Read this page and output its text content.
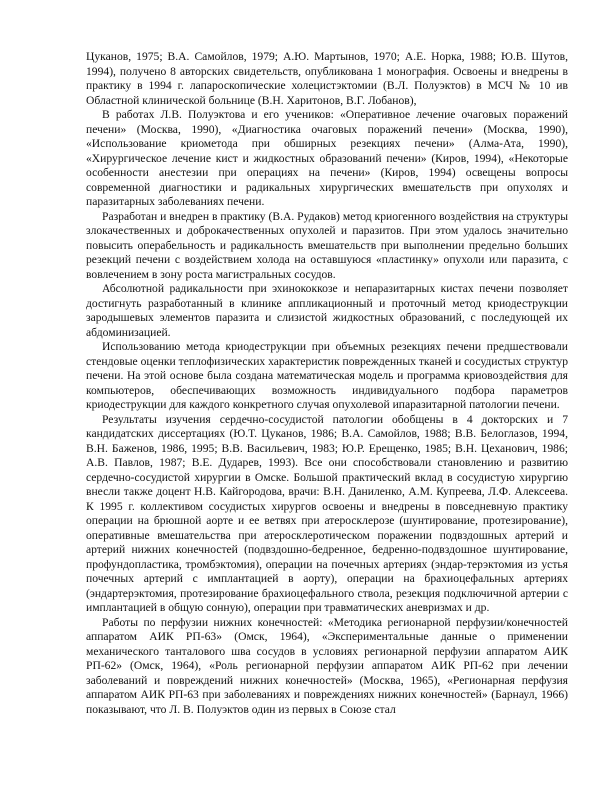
Цуканов, 1975; В.А. Самойлов, 1979; А.Ю. Мартынов, 1970; А.Е. Норка, 1988; Ю.В. Шутов, 1994), получено 8 авторских свидетельств, опубликована 1 монография. Освоены и внедрены в практику в 1994 г. лапароскопические холецистэктомии (В.Л. Полуэктов) в МСЧ № 10 ив Областной клинической больнице (В.Н. Харитонов, В.Г. Лобанов),

В работах Л.В. Полуэктова и его учеников: «Оперативное лечение очаговых поражений печени» (Москва, 1990), «Диагностика очаговых поражений печени» (Москва, 1990), «Использование криометода при обширных резекциях печени» (Алма-Ата, 1990), «Хирургическое лечение кист и жидкостных образований печени» (Киров, 1994), «Некоторые особенности анестезии при операциях на печени» (Киров, 1994) освещены вопросы современной диагностики и радикальных хирургических вмешательств при опухолях и паразитарных заболеваниях печени.

Разработан и внедрен в практику (В.А. Рудаков) метод криогенного воздействия на структуры злокачественных и доброкачественных опухолей и паразитов. При этом удалось значительно повысить операбельность и радикальность вмешательств при выполнении предельно больших резекций печени с воздействием холода на оставшуюся «пластинку» опухоли или паразита, с вовлечением в зону роста магистральных сосудов.

Абсолютной радикальности при эхинококкозе и непаразитарных кистах печени позволяет достигнуть разработанный в клинике аппликационный и проточный метод криодеструкции зародышевых элементов паразита и слизистой жидкостных образований, с последующей их абдоминизацией.

Использованию метода криодеструкции при объемных резекциях печени предшествовали стендовые оценки теплофизических характеристик поврежденных тканей и сосудистых структур печени. На этой основе была создана математическая модель и программа криовоздействия для компьютеров, обеспечивающих возможность индивидуального подбора параметров криодеструкции для каждого конкретного случая опухолевой ипаразитарной патологии печени.

Результаты изучения сердечно-сосудистой патологии обобщены в 4 докторских и 7 кандидатских диссертациях (Ю.Т. Цуканов, 1986; В.А. Самойлов, 1988; В.В. Белоглазов, 1994, В.Н. Баженов, 1986, 1995; В.В. Васильевич, 1983; Ю.Р. Ерещенко, 1985; В.Н. Цеханович, 1986; А.В. Павлов, 1987; В.Е. Дударев, 1993). Все они способствовали становлению и развитию сердечно-сосудистой хирургии в Омске. Большой практический вклад в сосудистую хирургию внесли также доцент Н.В. Кайгородова, врачи: В.Н. Даниленко, А.М. Купреева, Л.Ф. Алексеева. К 1995 г. коллективом сосудистых хирургов освоены и внедрены в повседневную практику операции на брюшной аорте и ее ветвях при атеросклерозе (шунтирование, протезирование), оперативные вмешательства при атеросклеротическом поражении подвздошных артерий и артерий нижних конечностей (подвздошно-бедренное, бедренно-подвздошное шунтирование, профундопластика, тромбэктомия), операции на почечных артериях (эндар-терэктомия из устья почечных артерий с имплантацией в аорту), операции на брахиоцефальных артериях (эндартерэктомия, протезирование брахиоцефального ствола, резекция подключичной артерии с имплантацией в общую сонную), операции при травматических аневризмах и др.

Работы по перфузии нижних конечностей: «Методика регионарной перфузии/конечностей аппаратом АИК РП-63» (Омск, 1964), «Экспериментальные данные о применении механического танталового шва сосудов в условиях регионарной перфузии аппаратом АИК РП-62» (Омск, 1964), «Роль регионарной перфузии аппаратом АИК РП-62 при лечении заболеваний и повреждений нижних конечностей» (Москва, 1965), «Регионарная перфузия аппаратом АИК РП-63 при заболеваниях и повреждениях нижних конечностей» (Барнаул, 1966) показывают, что Л. В. Полуэктов один из первых в Союзе стал
